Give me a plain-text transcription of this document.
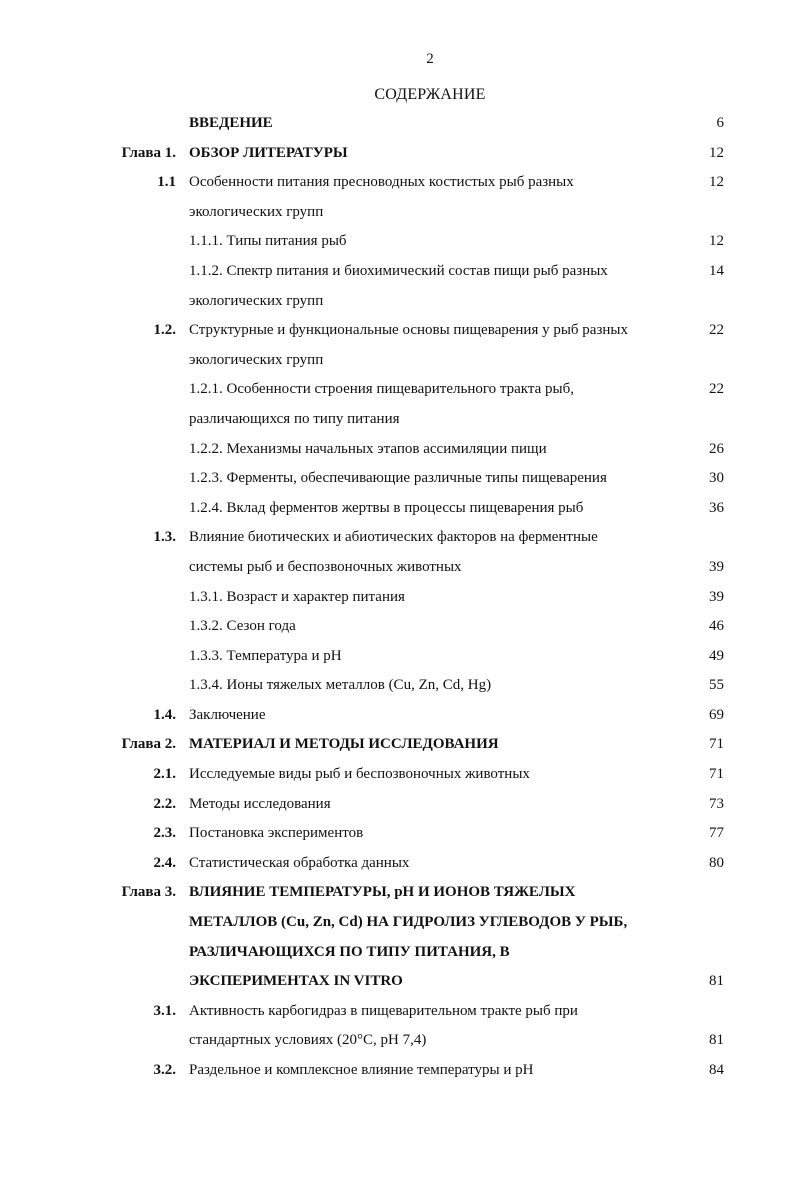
2
СОДЕРЖАНИЕ
ВВЕДЕНИЕ	6
Глава 1. ОБЗОР ЛИТЕРАТУРЫ	12
1.1 Особенности питания пресноводных костистых рыб разных	12
экологических групп
1.1.1. Типы питания рыб	12
1.1.2. Спектр питания и биохимический состав пищи рыб разных	14
экологических групп
1.2. Структурные и функциональные основы пищеварения у рыб разных	22
экологических групп
1.2.1. Особенности строения пищеварительного тракта рыб,	22
различающихся по типу питания
1.2.2. Механизмы начальных этапов ассимиляции пищи	26
1.2.3. Ферменты, обеспечивающие различные типы пищеварения	30
1.2.4. Вклад ферментов жертвы в процессы пищеварения рыб	36
1.3. Влияние биотических и абиотических факторов на ферментные
системы рыб и беспозвоночных животных	39
1.3.1. Возраст и характер питания	39
1.3.2. Сезон года	46
1.3.3. Температура и рН	49
1.3.4. Ионы тяжелых металлов (Cu, Zn, Cd, Hg)	55
1.4. Заключение	69
Глава 2. МАТЕРИАЛ И МЕТОДЫ ИССЛЕДОВАНИЯ	71
2.1. Исследуемые виды рыб и беспозвоночных животных	71
2.2. Методы исследования	73
2.3. Постановка экспериментов	77
2.4. Статистическая обработка данных	80
Глава 3. ВЛИЯНИЕ ТЕМПЕРАТУРЫ, рН И ИОНОВ ТЯЖЕЛЫХ
МЕТАЛЛОВ (Cu, Zn, Cd) НА ГИДРОЛИЗ УГЛЕВОДОВ У РЫБ,
РАЗЛИЧАЮЩИХСЯ ПО ТИПУ ПИТАНИЯ, В
ЭКСПЕРИМЕНТАХ IN VITRO	81
3.1. Активность карбогидраз в пищеварительном тракте рыб при
стандартных условиях (20°С, рН 7,4)	81
3.2. Раздельное и комплексное влияние температуры и рН	84
